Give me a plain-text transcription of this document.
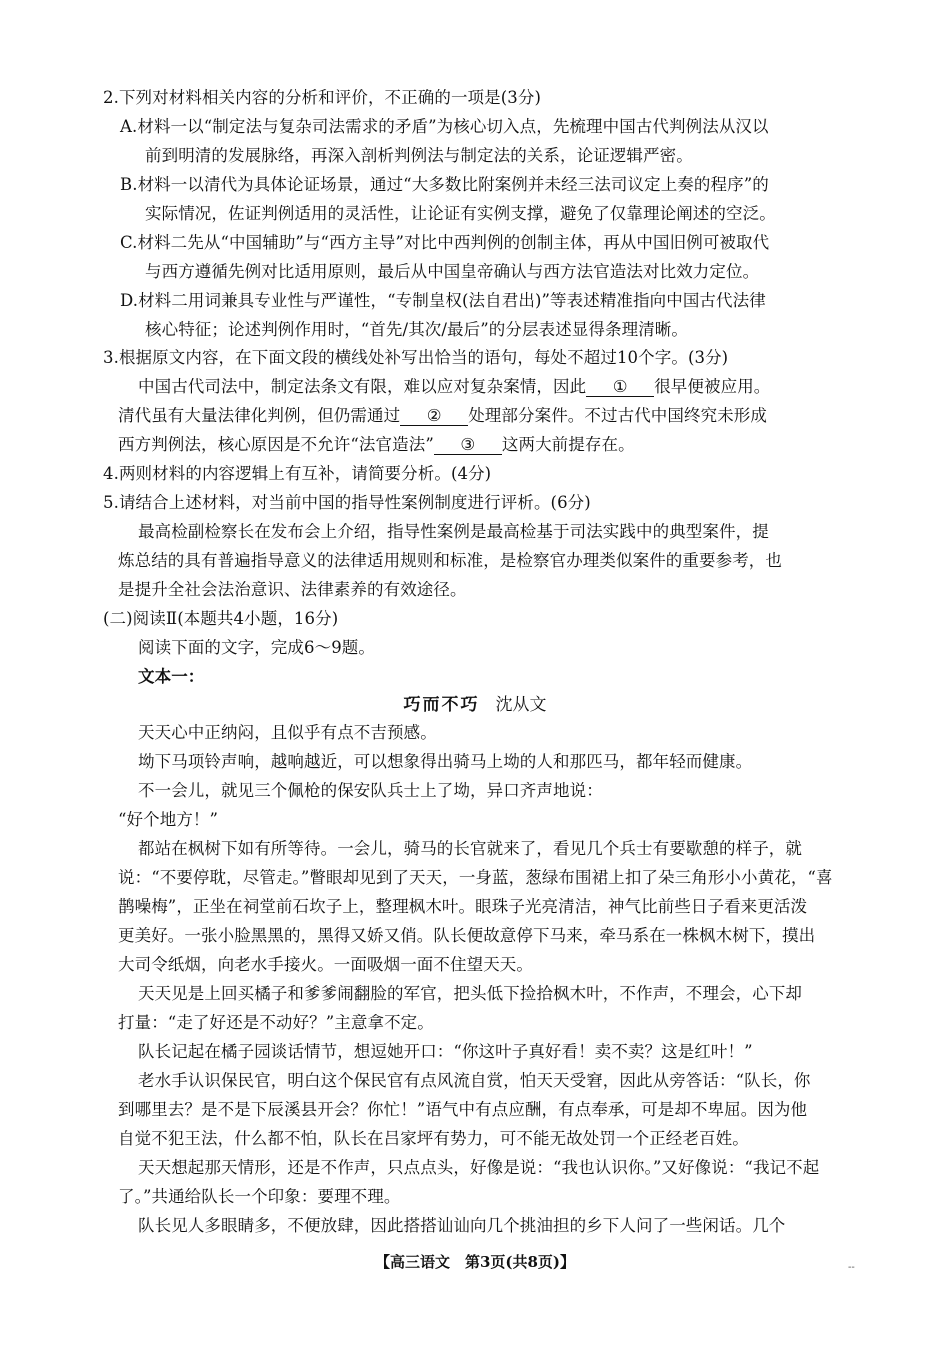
2.下列对材料相关内容的分析和评价，不正确的一项是(3分)
A.材料一以“制定法与复杂司法需求的矛盾”为核心切入点，先梳理中国古代判例法从汉以
前到明清的发展脉络，再深入剖析判例法与制定法的关系，论证逻辑严密。
B.材料一以清代为具体论证场景，通过“大多数比附案例并未经三法司议定上奏的程序”的
实际情况，佐证判例适用的灵活性，让论证有实例支撑，避免了仅靠理论阐述的空泛。
C.材料二先从“中国辅助”与“西方主导”对比中西判例的创制主体，再从中国旧例可被取代
与西方遵循先例对比适用原则，最后从中国皇帝确认与西方法官造法对比效力定位。
D.材料二用词兼具专业性与严谨性，“专制皇权(法自君出)”等表述精准指向中国古代法律
核心特征；论述判例作用时，“首先/其次/最后”的分层表述显得条理清晰。
3.根据原文内容，在下面文段的横线处补写出恰当的语句，每处不超过10个字。(3分)
中国古代司法中，制定法条文有限，难以应对复杂案情，因此 ① 很早便被应用。
清代虽有大量法律化判例，但仍需通过 ② 处理部分案件。不过古代中国终究未形成
西方判例法，核心原因是不允许“法官造法” ③ 这两大前提存在。
4.两则材料的内容逻辑上有互补，请简要分析。(4分)
5.请结合上述材料，对当前中国的指导性案例制度进行评析。(6分)
最高检副检察长在发布会上介绍，指导性案例是最高检基于司法实践中的典型案件，提
炼总结的具有普遍指导意义的法律适用规则和标准，是检察官办理类似案件的重要参考，也
是提升全社会法治意识、法律素养的有效途径。
(二)阅读Ⅱ(本题共4小题，16分)
阅读下面的文字，完成6～9题。
文本一：
巧而不巧 沈从文
天天心中正纳闷，且似乎有点不吉预感。
坳下马项铃声响，越响越近，可以想象得出骑马上坳的人和那匹马，都年轻而健康。
不一会儿，就见三个佩枪的保安队兵士上了坳，异口齐声地说：
“好个地方！”
都站在枫树下如有所等待。一会儿，骑马的长官就来了，看见几个兵士有要歇憩的样子，就
说：“不要停耽，尽管走。”瞥眼却见到了天天，一身蓝，葱绿布围裙上扣了朵三角形小小黄花，“喜
鹊噪梅”，正坐在祠堂前石坎子上，整理枫木叶。眼珠子光亮清洁，神气比前些日子看来更活泼
更美好。一张小脸黑黑的，黑得又娇又俏。队长便故意停下马来，牵马系在一株枫木树下，摸出
大司令纸烟，向老水手接火。一面吸烟一面不住望天天。
天天见是上回买橘子和爹爹闹翻脸的军官，把头低下捡拾枫木叶，不作声，不理会，心下却
打量：“走了好还是不动好？”主意拿不定。
队长记起在橘子园谈话情节，想逗她开口：“你这叶子真好看！卖不卖？这是红叶！”
老水手认识保民官，明白这个保民官有点风流自赏，怕天天受窘，因此从旁答话：“队长，你
到哪里去？是不是下辰溪县开会？你忙！”语气中有点应酬，有点奉承，可是却不卑屈。因为他
自觉不犯王法，什么都不怕，队长在吕家坪有势力，可不能无故处罚一个正经老百姓。
天天想起那天情形，还是不作声，只点点头，好像是说：“我也认识你。”又好像说：“我记不起
了。”共通给队长一个印象：要理不理。
队长见人多眼睛多，不便放肆，因此搭搭讪讪向几个挑油担的乡下人问了一些闲话。几个
【高三语文　第3页(共8页)】	--
